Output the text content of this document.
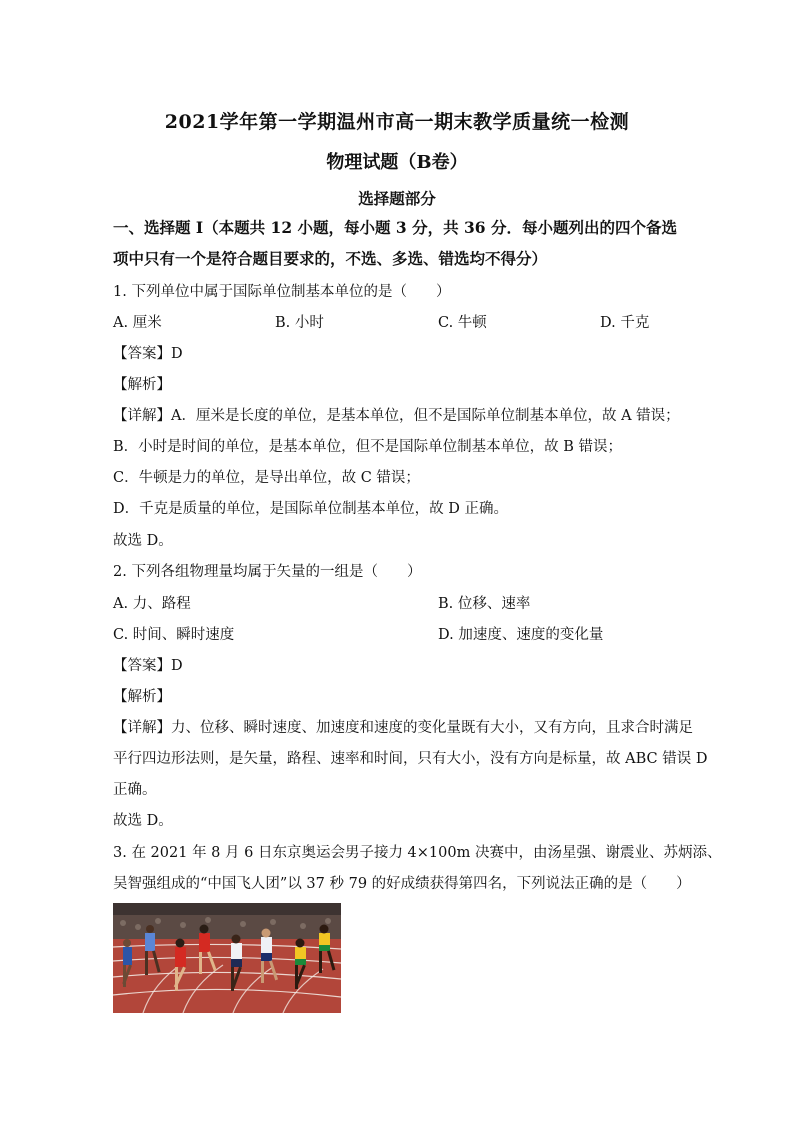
2021学年第一学期温州市高一期末教学质量统一检测
物理试题（B卷）
选择题部分
一、选择题 I（本题共 12 小题，每小题 3 分，共 36 分．每小题列出的四个备选
项中只有一个是符合题目要求的，不选、多选、错选均不得分）
1. 下列单位中属于国际单位制基本单位的是（　　）
A. 厘米	B. 小时	C. 牛顿	D. 千克
【答案】D
【解析】
【详解】A．厘米是长度的单位，是基本单位，但不是国际单位制基本单位，故 A 错误；
B．小时是时间的单位，是基本单位，但不是国际单位制基本单位，故 B 错误；
C．牛顿是力的单位，是导出单位，故 C 错误；
D．千克是质量的单位，是国际单位制基本单位，故 D 正确。
故选 D。
2. 下列各组物理量均属于矢量的一组是（　　）
A. 力、路程	B. 位移、速率
C. 时间、瞬时速度	D. 加速度、速度的变化量
【答案】D
【解析】
【详解】力、位移、瞬时速度、加速度和速度的变化量既有大小，又有方向，且求合时满足
平行四边形法则，是矢量，路程、速率和时间，只有大小，没有方向是标量，故 ABC 错误 D
正确。
故选 D。
3. 在 2021 年 8 月 6 日东京奥运会男子接力 4×100m 决赛中，由汤星强、谢震业、苏炳添、
吴智强组成的“中国飞人团”以 37 秒 79 的好成绩获得第四名，下列说法正确的是（　　）
